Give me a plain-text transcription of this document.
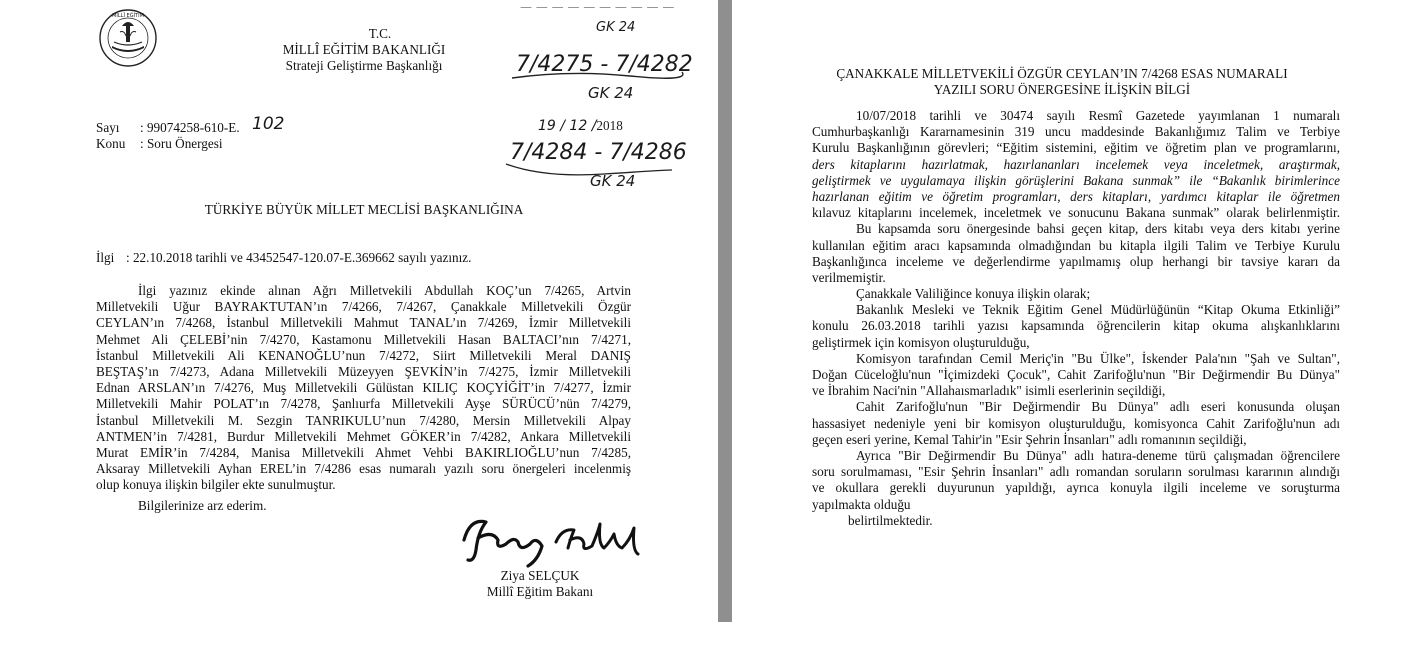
MİLLÎ EĞİTİM
T.C.
MİLLÎ EĞİTİM BAKANLIĞI
Strateji Geliştirme Başkanlığı
— — — — — — — — — —
GK 24
7/4275 - 7/4282
GK 24
19 / 12 /2018
7/4284 - 7/4286
GK 24
Sayı : 99074258-610-E. 102
Konu : Soru Önergesi
TÜRKİYE BÜYÜK MİLLET MECLİSİ BAŞKANLIĞINA
İlgi : 22.10.2018 tarihli ve 43452547-120.07-E.369662 sayılı yazınız.
İlgi yazınız ekinde alınan Ağrı Milletvekili Abdullah KOÇ’un 7/4265, Artvin
Milletvekili Uğur BAYRAKTUTAN’ın 7/4266, 7/4267, Çanakkale Milletvekili Özgür
CEYLAN’ın 7/4268, İstanbul Milletvekili Mahmut TANAL’ın 7/4269, İzmir Milletvekili
Mehmet Ali ÇELEBİ’nin 7/4270, Kastamonu Milletvekili Hasan BALTACI’nın 7/4271,
İstanbul Milletvekili Ali KENANOĞLU’nun 7/4272, Siirt Milletvekili Meral DANIŞ
BEŞTAŞ’ın 7/4273, Adana Milletvekili Müzeyyen ŞEVKİN’in 7/4275, İzmir Milletvekili
Ednan ARSLAN’ın 7/4276, Muş Milletvekili Gülüstan KILIÇ KOÇYİĞİT’in 7/4277, İzmir
Milletvekili Mahir POLAT’ın 7/4278, Şanlıurfa Milletvekili Ayşe SÜRÜCÜ’nün 7/4279,
İstanbul Milletvekili M. Sezgin TANRIKULU’nun 7/4280, Mersin Milletvekili Alpay
ANTMEN’in 7/4281, Burdur Milletvekili Mehmet GÖKER’in 7/4282, Ankara Milletvekili
Murat EMİR’in 7/4284, Manisa Milletvekili Ahmet Vehbi BAKIRLIOĞLU’nun 7/4285,
Aksaray Milletvekili Ayhan EREL’in 7/4286 esas numaralı yazılı soru önergeleri incelenmiş
olup konuya ilişkin bilgiler ekte sunulmuştur.
Bilgilerinize arz ederim.
Ziya SELÇUK
Millî Eğitim Bakanı
ÇANAKKALE MİLLETVEKİLİ ÖZGÜR CEYLAN’IN 7/4268 ESAS NUMARALI
YAZILI SORU ÖNERGESİNE İLİŞKİN BİLGİ
10/07/2018 tarihli ve 30474 sayılı Resmî Gazetede yayımlanan 1 numaralı
Cumhurbaşkanlığı Kararnamesinin 319 uncu maddesinde Bakanlığımız Talim ve Terbiye
Kurulu Başkanlığının görevleri; “Eğitim sistemini, eğitim ve öğretim plan ve programlarını,
ders kitaplarını hazırlatmak, hazırlananları incelemek veya inceletmek, araştırmak,
geliştirmek ve uygulamaya ilişkin görüşlerini Bakana sunmak” ile “Bakanlık birimlerince
hazırlanan eğitim ve öğretim programları, ders kitapları, yardımcı kitaplar ile öğretmen
kılavuz kitaplarını incelemek, inceletmek ve sonucunu Bakana sunmak” olarak belirlenmiştir.
Bu kapsamda soru önergesinde bahsi geçen kitap, ders kitabı veya ders kitabı yerine
kullanılan eğitim aracı kapsamında olmadığından bu kitapla ilgili Talim ve Terbiye Kurulu
Başkanlığınca inceleme ve değerlendirme yapılmamış olup herhangi bir tavsiye kararı da
verilmemiştir.
Çanakkale Valiliğince konuya ilişkin olarak;
Bakanlık Mesleki ve Teknik Eğitim Genel Müdürlüğünün “Kitap Okuma Etkinliği”
konulu 26.03.2018 tarihli yazısı kapsamında öğrencilerin kitap okuma alışkanlıklarını
geliştirmek için komisyon oluşturulduğu,
Komisyon tarafından Cemil Meriç'in "Bu Ülke", İskender Pala'nın "Şah ve Sultan",
Doğan Cüceloğlu'nun "İçimizdeki Çocuk", Cahit Zarifoğlu'nun "Bir Değirmendir Bu Dünya"
ve İbrahim Naci'nin "Allahaısmarladık" isimli eserlerinin seçildiği,
Cahit Zarifoğlu'nun "Bir Değirmendir Bu Dünya" adlı eseri konusunda oluşan
hassasiyet nedeniyle yeni bir komisyon oluşturulduğu, komisyonca Cahit Zarifoğlu'nun adı
geçen eseri yerine, Kemal Tahir'in "Esir Şehrin İnsanları" adlı romanının seçildiği,
Ayrıca "Bir Değirmendir Bu Dünya" adlı hatıra-deneme türü çalışmadan öğrencilere
soru sorulmaması, "Esir Şehrin İnsanları" adlı romandan soruların sorulması kararının alındığı
ve okullara gerekli duyurunun yapıldığı, ayrıca konuyla ilgili inceleme ve soruşturma
yapılmakta olduğu
belirtilmektedir.
